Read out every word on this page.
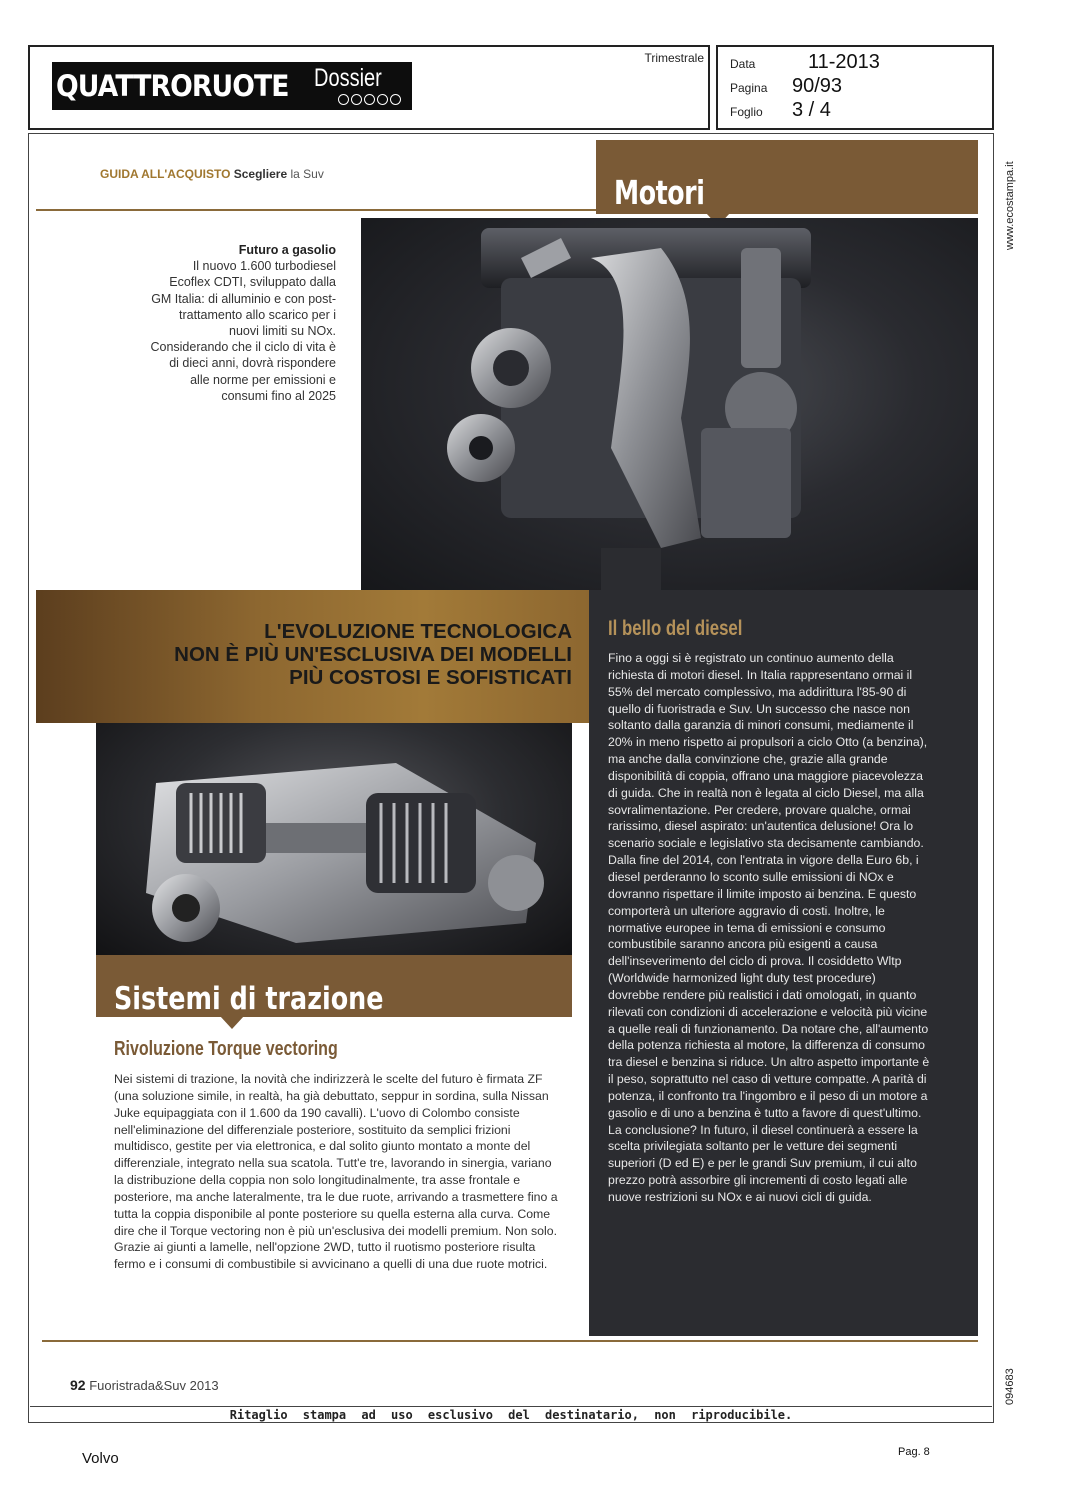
QUATTRORUOTE Dossier
Trimestrale Data	11-2013
Pagina	90/93
Foglio	3 / 4
www.ecostampa.it
094683
GUIDA ALL'ACQUISTO Scegliere la Suv	Motori
Futuro a gasolio
Il nuovo 1.600 turbodiesel Ecoflex CDTI, sviluppato dalla GM Italia: di alluminio e con post-trattamento allo scarico per i nuovi limiti su NOx. Considerando che il ciclo di vita è di dieci anni, dovrà rispondere alle norme per emissioni e consumi fino al 2025
Il bello del diesel
Fino a oggi si è registrato un continuo aumento della richiesta di motori diesel. In Italia rappresentano ormai il 55% del mercato complessivo, ma addirittura l'85-90 di quello di fuoristrada e Suv. Un successo che nasce non soltanto dalla garanzia di minori consumi, mediamente il 20% in meno rispetto ai propulsori a ciclo Otto (a benzina), ma anche dalla convinzione che, grazie alla grande disponibilità di coppia, offrano una maggiore piacevolezza di guida. Che in realtà non è legata al ciclo Diesel, ma alla sovralimentazione. Per credere, provare qualche, ormai rarissimo, diesel aspirato: un'autentica delusione! Ora lo scenario sociale e legislativo sta decisamente cambiando. Dalla fine del 2014, con l'entrata in vigore della Euro 6b, i diesel perderanno lo sconto sulle emissioni di NOx e dovranno rispettare il limite imposto ai benzina. E questo comporterà un ulteriore aggravio di costi. Inoltre, le normative europee in tema di emissioni e consumo combustibile saranno ancora più esigenti a causa dell'inseverimento del ciclo di prova. Il cosiddetto Wltp (Worldwide harmonized light duty test procedure) dovrebbe rendere più realistici i dati omologati, in quanto rilevati con condizioni di accelerazione e velocità più vicine a quelle reali di funzionamento. Da notare che, all'aumento della potenza richiesta al motore, la differenza di consumo tra diesel e benzina si riduce. Un altro aspetto importante è il peso, soprattutto nel caso di vetture compatte. A parità di potenza, il confronto tra l'ingombro e il peso di un motore a gasolio e di uno a benzina è tutto a favore di quest'ultimo. La conclusione? In futuro, il diesel continuerà a essere la scelta privilegiata soltanto per le vetture dei segmenti superiori (D ed E) e per le grandi Suv premium, il cui alto prezzo potrà assorbire gli incrementi di costo legati alle nuove restrizioni su NOx e ai nuovi cicli di guida.
L'EVOLUZIONE TECNOLOGICA
NON È PIÙ UN'ESCLUSIVA DEI MODELLI
PIÙ COSTOSI E SOFISTICATI
Sistemi di trazione
Rivoluzione Torque vectoring
Nei sistemi di trazione, la novità che indirizzerà le scelte del futuro è firmata ZF (una soluzione simile, in realtà, ha già debuttato, seppur in sordina, sulla Nissan Juke equipaggiata con il 1.600 da 190 cavalli). L'uovo di Colombo consiste nell'eliminazione del differenziale posteriore, sostituito da semplici frizioni multidisco, gestite per via elettronica, e dal solito giunto montato a monte del differenziale, integrato nella sua scatola. Tutt'e tre, lavorando in sinergia, variano la distribuzione della coppia non solo longitudinalmente, tra asse frontale e posteriore, ma anche lateralmente, tra le due ruote, arrivando a trasmettere fino a tutta la coppia disponibile al ponte posteriore su quella esterna alla curva. Come dire che il Torque vectoring non è più un'esclusiva dei modelli premium. Non solo. Grazie ai giunti a lamelle, nell'opzione 2WD, tutto il ruotismo posteriore risulta fermo e i consumi di combustibile si avvicinano a quelli di una due ruote motrici.
92 Fuoristrada&Suv 2013
Ritaglio stampa ad uso esclusivo del destinatario, non riproducibile.
Volvo	Pag. 8
